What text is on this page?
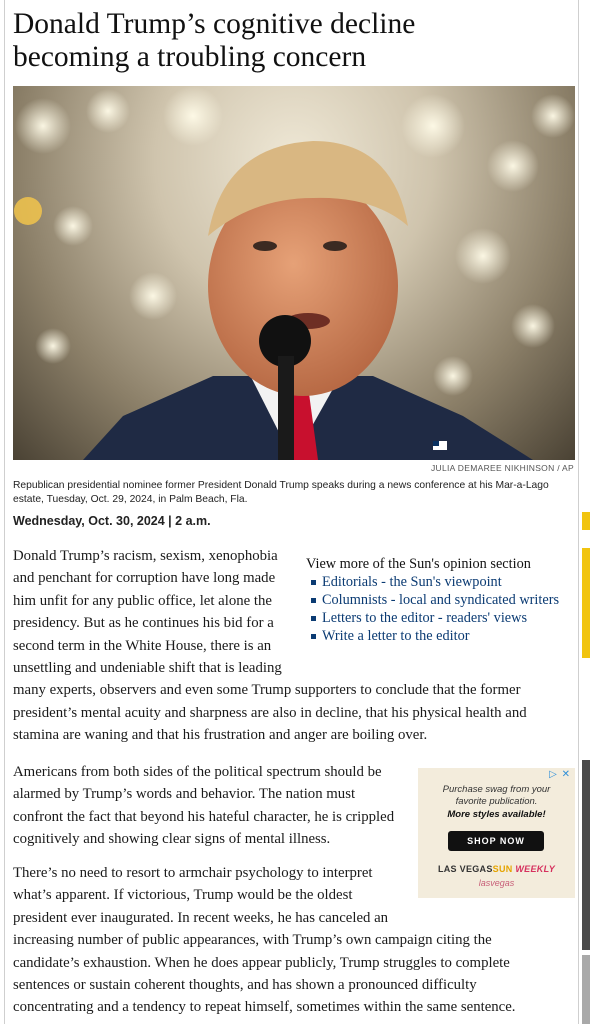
Donald Trump’s cognitive decline
becoming a troubling concern

JULIA DEMAREE NIKHINSON / AP

Republican presidential nominee former President Donald Trump speaks during a news conference at his Mar-a-Lago
estate, Tuesday, Oct. 29, 2024, in Palm Beach, Fla.

Wednesday, Oct. 30, 2024 | 2 a.m.

Donald Trump’s racism, sexism, xenophobia
and penchant for corruption have long made
him unfit for any public office, let alone the
presidency. But as he continues his bid for a
second term in the White House, there is an
unsettling and undeniable shift that is leading
many experts, observers and even some Trump supporters to conclude that the former
president’s mental acuity and sharpness are also in decline, that his physical health and
stamina are waning and that his frustration and anger are boiling over.

View more of the Sun's opinion section

Editorials - the Sun's viewpoint
Columnists - local and syndicated writers
Letters to the editor - readers' views
Write a letter to the editor
Americans from both sides of the political spectrum should be
alarmed by Trump’s words and behavior. The nation must
confront the fact that beyond his hateful character, he is crippled
cognitively and showing clear signs of mental illness.
▷ ✕
Purchase swag from your
favorite publication.
More styles available!
SHOP NOW
LAS VEGASSUN WEEKLY
lasvegas
There’s no need to resort to armchair psychology to interpret
what’s apparent. If victorious, Trump would be the oldest
president ever inaugurated. In recent weeks, he has canceled an
increasing number of public appearances, with Trump’s own campaign citing the
candidate’s exhaustion. When he does appear publicly, Trump struggles to complete
sentences or sustain coherent thoughts, and has shown a pronounced difficulty
concentrating and a tendency to repeat himself, sometimes within the same sentence.
